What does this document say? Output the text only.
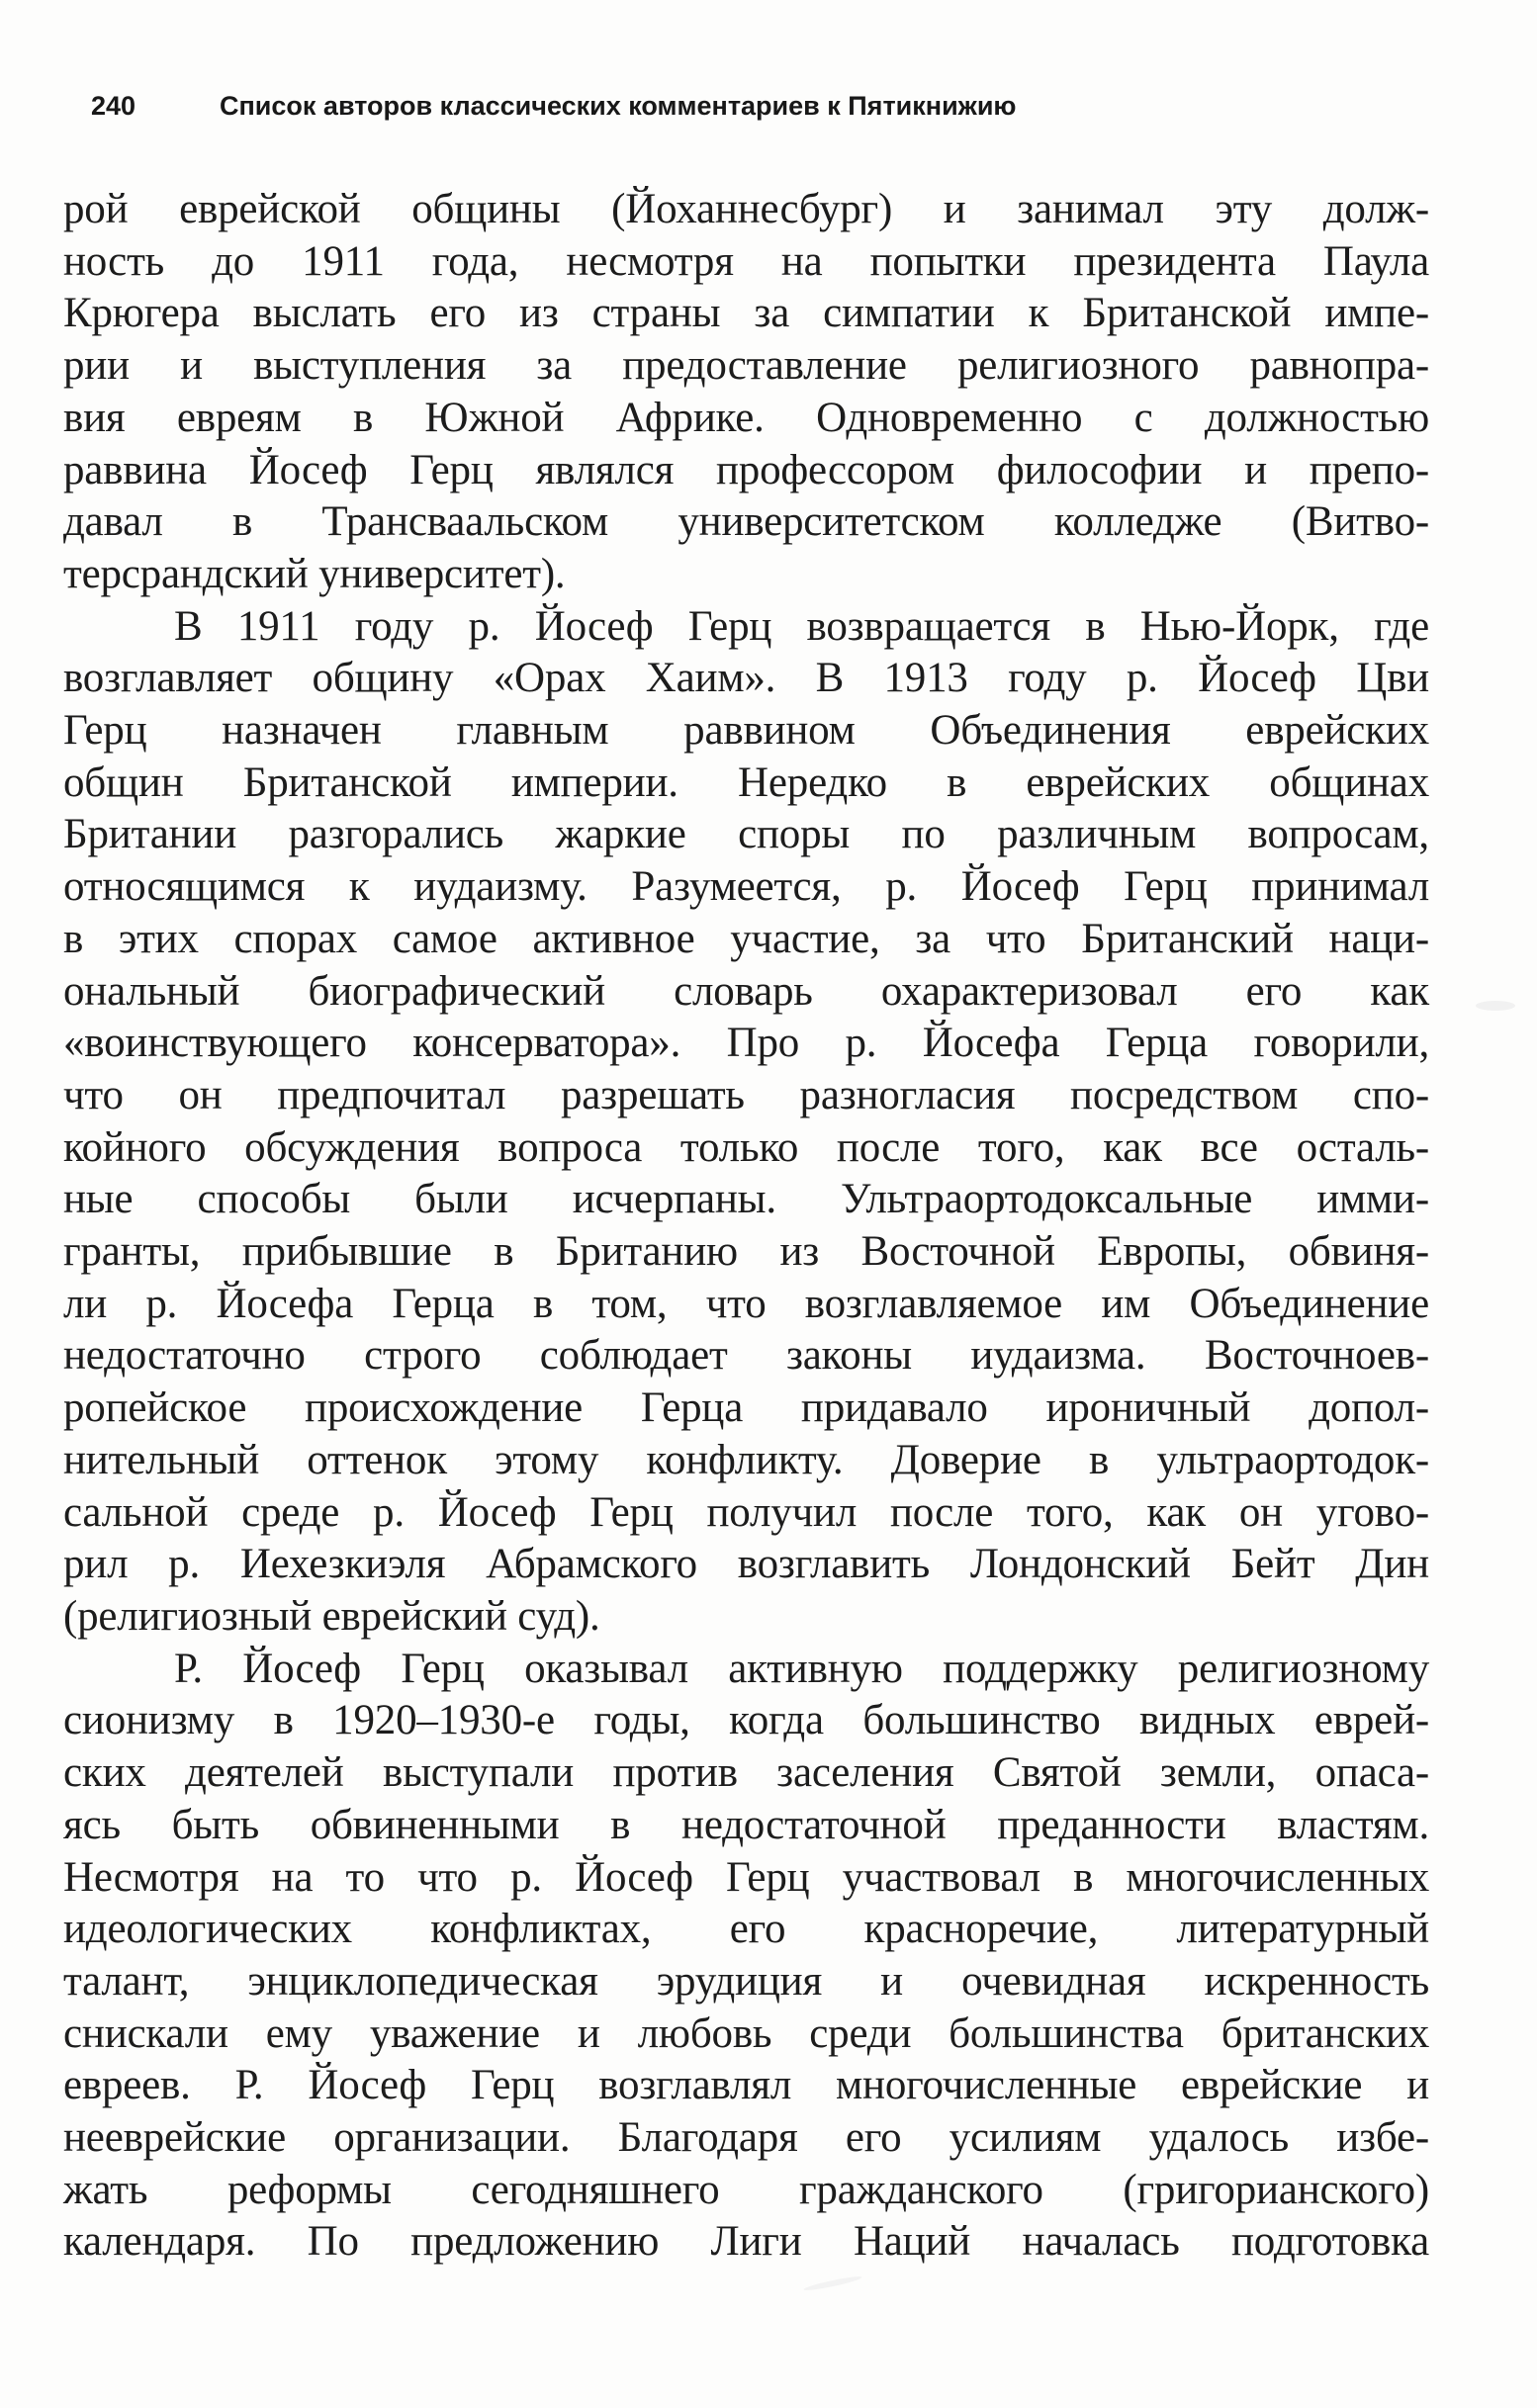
240	Список авторов классических комментариев к Пятикнижию
рой еврейской общины (Йоханнесбург) и занимал эту долж-
ность до 1911 года, несмотря на попытки президента Паула
Крюгера выслать его из страны за симпатии к Британской импе-
рии и выступления за предоставление религиозного равнопра-
вия евреям в Южной Африке. Одновременно с должностью
раввина Йосеф Герц являлся профессором философии и препо-
давал в Трансваальском университетском колледже (Витво-
терсрандский университет).
В 1911 году р. Йосеф Герц возвращается в Нью-Йорк, где
возглавляет общину «Орах Хаим». В 1913 году р. Йосеф Цви
Герц назначен главным раввином Объединения еврейских
общин Британской империи. Нередко в еврейских общинах
Британии разгорались жаркие споры по различным вопросам,
относящимся к иудаизму. Разумеется, р. Йосеф Герц принимал
в этих спорах самое активное участие, за что Британский наци-
ональный биографический словарь охарактеризовал его как
«воинствующего консерватора». Про р. Йосефа Герца говорили,
что он предпочитал разрешать разногласия посредством спо-
койного обсуждения вопроса только после того, как все осталь-
ные способы были исчерпаны. Ультраортодоксальные имми-
гранты, прибывшие в Британию из Восточной Европы, обвиня-
ли р. Йосефа Герца в том, что возглавляемое им Объединение
недостаточно строго соблюдает законы иудаизма. Восточноев-
ропейское происхождение Герца придавало ироничный допол-
нительный оттенок этому конфликту. Доверие в ультраортодок-
сальной среде р. Йосеф Герц получил после того, как он угово-
рил р. Иехезкиэля Абрамского возглавить Лондонский Бейт Дин
(религиозный еврейский суд).
Р. Йосеф Герц оказывал активную поддержку религиозному
сионизму в 1920–1930-е годы, когда большинство видных еврей-
ских деятелей выступали против заселения Святой земли, опаса-
ясь быть обвиненными в недостаточной преданности властям.
Несмотря на то что р. Йосеф Герц участвовал в многочисленных
идеологических конфликтах, его красноречие, литературный
талант, энциклопедическая эрудиция и очевидная искренность
снискали ему уважение и любовь среди большинства британских
евреев. Р. Йосеф Герц возглавлял многочисленные еврейские и
нееврейские организации. Благодаря его усилиям удалось избе-
жать реформы сегодняшнего гражданского (григорианского)
календаря. По предложению Лиги Наций началась подготовка
